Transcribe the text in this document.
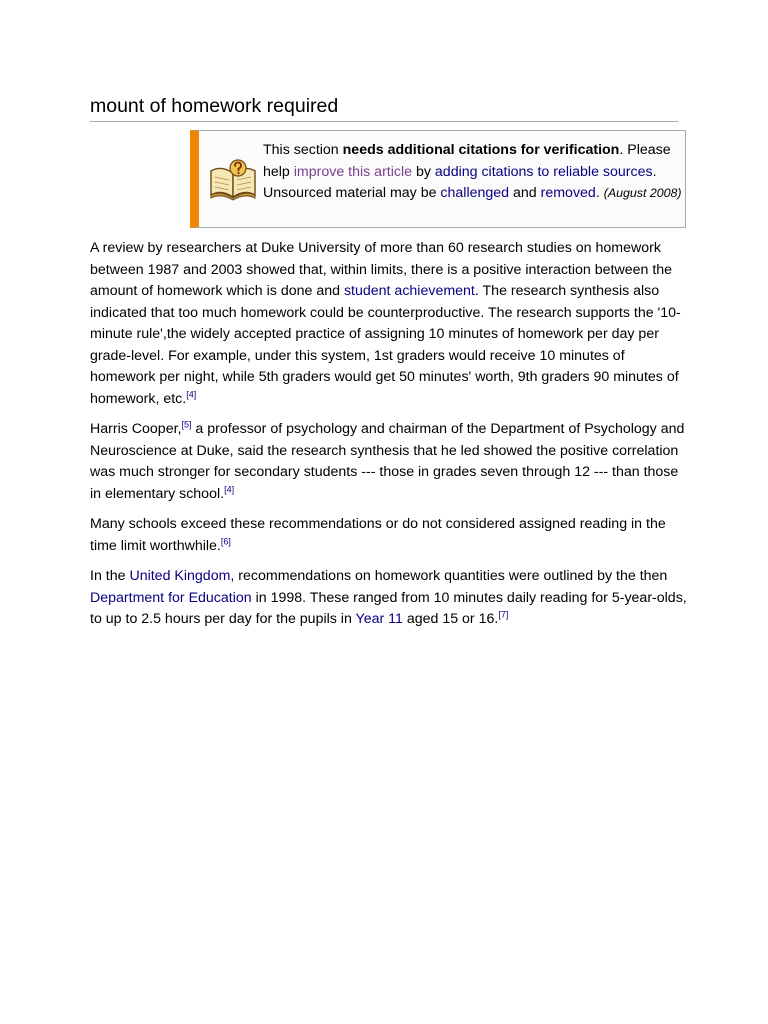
mount of homework required
This section needs additional citations for verification. Please help improve this article by adding citations to reliable sources. Unsourced material may be challenged and removed. (August 2008)

A review by researchers at Duke University of more than 60 research studies on homework between 1987 and 2003 showed that, within limits, there is a positive interaction between the amount of homework which is done and student achievement. The research synthesis also indicated that too much homework could be counterproductive. The research supports the '10-minute rule',the widely accepted practice of assigning 10 minutes of homework per day per grade-level. For example, under this system, 1st graders would receive 10 minutes of homework per night, while 5th graders would get 50 minutes' worth, 9th graders 90 minutes of homework, etc.[4]

Harris Cooper,[5] a professor of psychology and chairman of the Department of Psychology and Neuroscience at Duke, said the research synthesis that he led showed the positive correlation was much stronger for secondary students --- those in grades seven through 12 --- than those in elementary school.[4]

Many schools exceed these recommendations or do not considered assigned reading in the time limit worthwhile.[6]

In the United Kingdom, recommendations on homework quantities were outlined by the then Department for Education in 1998. These ranged from 10 minutes daily reading for 5-year-olds, to up to 2.5 hours per day for the pupils in Year 11 aged 15 or 16.[7]
